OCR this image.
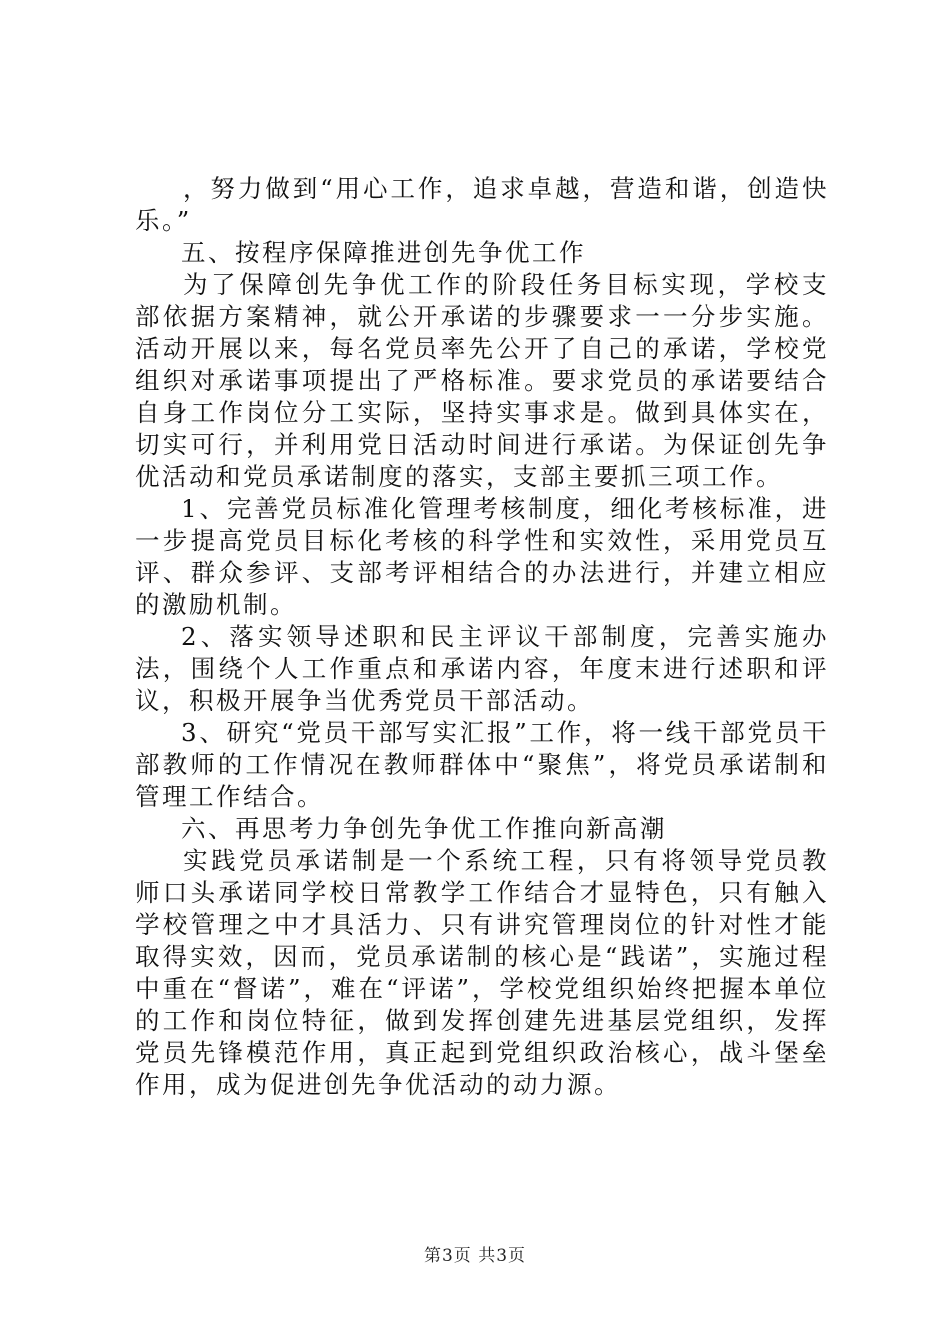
，努力做到“用心工作，追求卓越，营造和谐，创造快乐。”

五、按程序保障推进创先争优工作

为了保障创先争优工作的阶段任务目标实现，学校支部依据方案精神，就公开承诺的步骤要求一一分步实施。活动开展以来，每名党员率先公开了自己的承诺，学校党组织对承诺事项提出了严格标准。要求党员的承诺要结合自身工作岗位分工实际，坚持实事求是。做到具体实在，切实可行，并利用党日活动时间进行承诺。为保证创先争优活动和党员承诺制度的落实，支部主要抓三项工作。

1、完善党员标准化管理考核制度，细化考核标准，进一步提高党员目标化考核的科学性和实效性，采用党员互评、群众参评、支部考评相结合的办法进行，并建立相应的激励机制。

2、落实领导述职和民主评议干部制度，完善实施办法，围绕个人工作重点和承诺内容，年度末进行述职和评议，积极开展争当优秀党员干部活动。

3、研究“党员干部写实汇报”工作，将一线干部党员干部教师的工作情况在教师群体中“聚焦”，将党员承诺制和管理工作结合。

六、再思考力争创先争优工作推向新高潮

实践党员承诺制是一个系统工程，只有将领导党员教师口头承诺同学校日常教学工作结合才显特色，只有触入学校管理之中才具活力、只有讲究管理岗位的针对性才能取得实效，因而，党员承诺制的核心是“践诺”，实施过程中重在“督诺”，难在“评诺”，学校党组织始终把握本单位的工作和岗位特征，做到发挥创建先进基层党组织，发挥党员先锋模范作用，真正起到党组织政治核心，战斗堡垒作用，成为促进创先争优活动的动力源。

第3页 共3页
